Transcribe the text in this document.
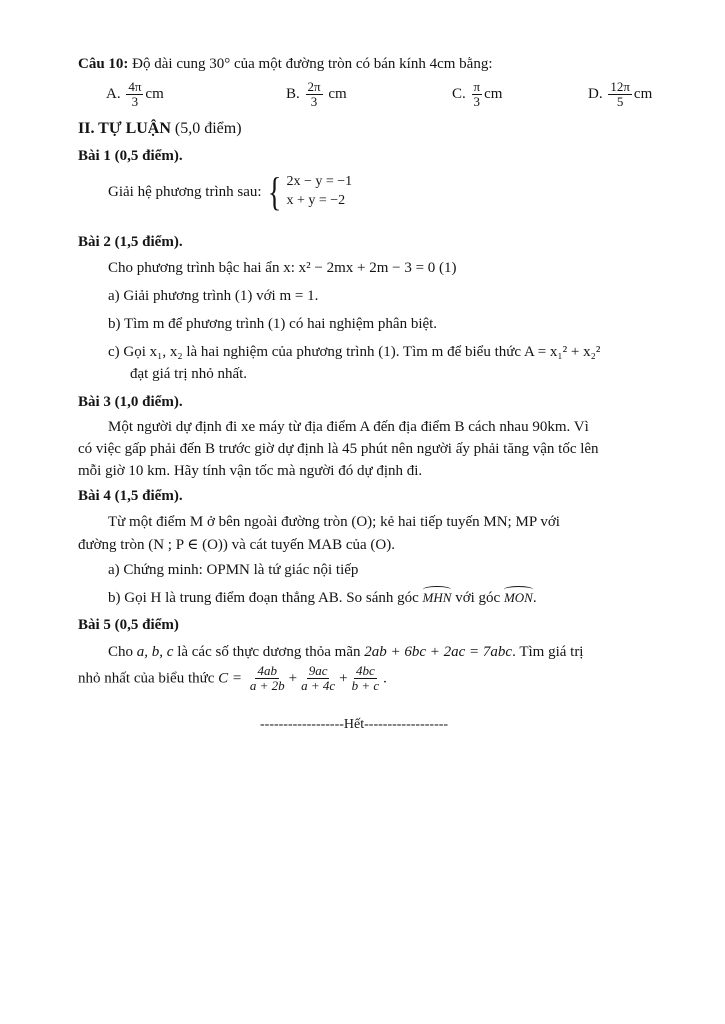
Câu 10: Độ dài cung 30° của một đường tròn có bán kính 4cm bằng:
A. $\frac{4\pi}{3}$ cm	B. $\frac{2\pi}{3}$ cm	C. $\frac{\pi}{3}$ cm	D. $\frac{12\pi}{5}$ cm
II. TỰ LUẬN (5,0 điểm)
Bài 1 (0,5 điểm).
Giải hệ phương trình sau: { 2x − y = −1
x + y = −2
Bài 2 (1,5 điểm).
Cho phương trình bậc hai ẩn x: x² − 2mx + 2m − 3 = 0 (1)
a) Giải phương trình (1) với m = 1.
b) Tìm m để phương trình (1) có hai nghiệm phân biệt.
c) Gọi x₁, x₂ là hai nghiệm của phương trình (1). Tìm m để biểu thức A = x₁² + x₂²
đạt giá trị nhỏ nhất.
Bài 3 (1,0 điểm).
Một người dự định đi xe máy từ địa điểm A đến địa điểm B cách nhau 90km. Vì
có việc gấp phải đến B trước giờ dự định là 45 phút nên người ấy phải tăng vận tốc lên
mỗi giờ 10 km. Hãy tính vận tốc mà người đó dự định đi.
Bài 4 (1,5 điểm).
Từ một điểm M ở bên ngoài đường tròn (O); kẻ hai tiếp tuyến MN; MP với
đường tròn (N ; P ∈ (O)) và cát tuyến MAB của (O).
a) Chứng minh: OPMN là tứ giác nội tiếp
b) Gọi H là trung điểm đoạn thẳng AB. So sánh góc MHN với góc MON.
Bài 5 (0,5 điểm)
Cho a, b, c là các số thực dương thỏa mãn 2ab + 6bc + 2ac = 7abc. Tìm giá trị
nhỏ nhất của biểu thức $C = \frac{4ab}{a + 2b} + \frac{9ac}{a + 4c} + \frac{4bc}{b + c}$ .
------------------Hết------------------
